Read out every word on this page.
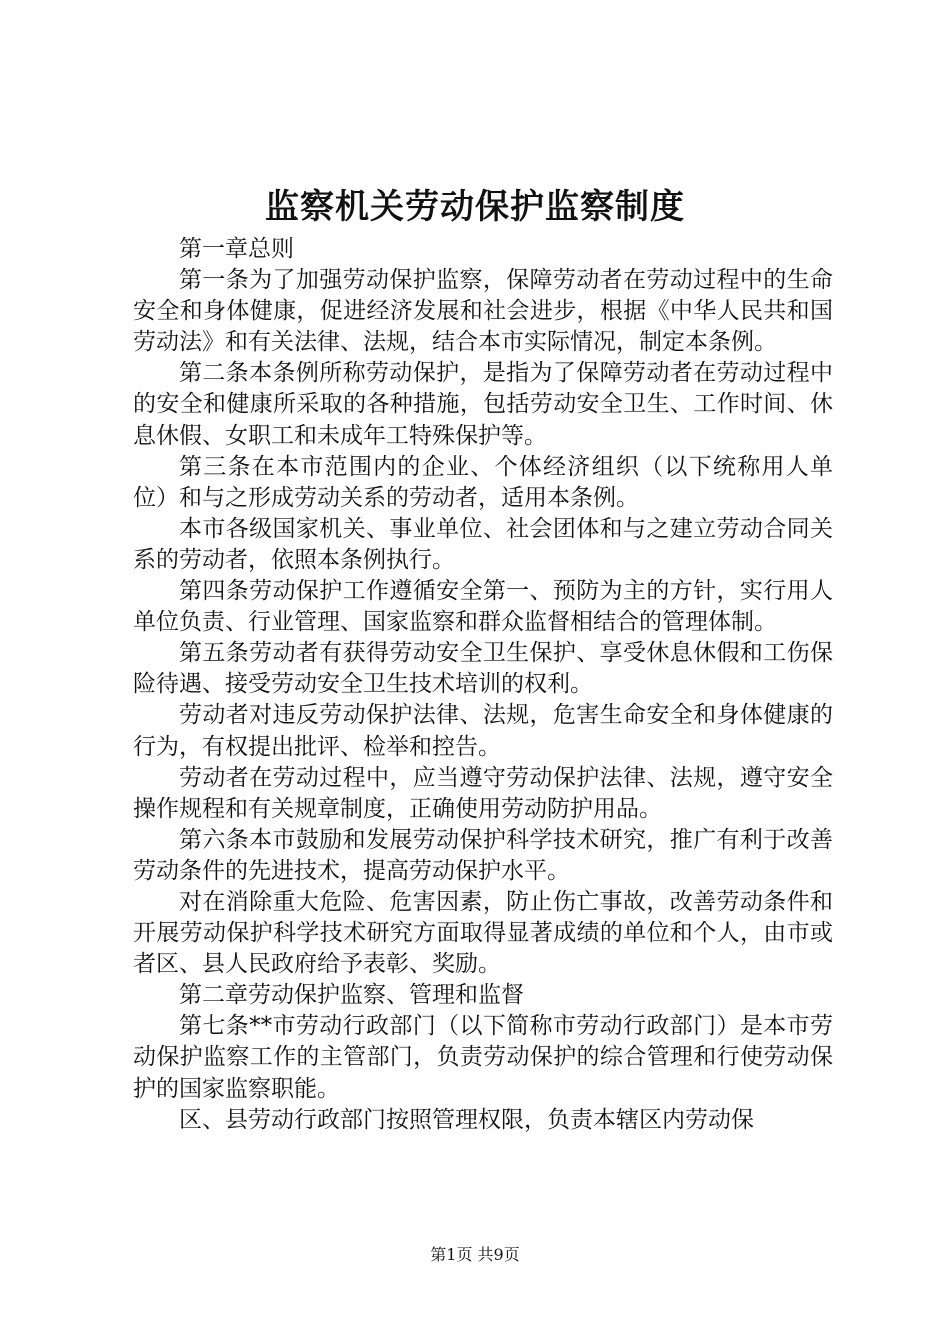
监察机关劳动保护监察制度

第一章总则

第一条为了加强劳动保护监察，保障劳动者在劳动过程中的生命安全和身体健康，促进经济发展和社会进步，根据《中华人民共和国劳动法》和有关法律、法规，结合本市实际情况，制定本条例。

第二条本条例所称劳动保护，是指为了保障劳动者在劳动过程中的安全和健康所采取的各种措施，包括劳动安全卫生、工作时间、休息休假、女职工和未成年工特殊保护等。

第三条在本市范围内的企业、个体经济组织（以下统称用人单位）和与之形成劳动关系的劳动者，适用本条例。

本市各级国家机关、事业单位、社会团体和与之建立劳动合同关系的劳动者，依照本条例执行。

第四条劳动保护工作遵循安全第一、预防为主的方针，实行用人单位负责、行业管理、国家监察和群众监督相结合的管理体制。

第五条劳动者有获得劳动安全卫生保护、享受休息休假和工伤保险待遇、接受劳动安全卫生技术培训的权利。

劳动者对违反劳动保护法律、法规，危害生命安全和身体健康的行为，有权提出批评、检举和控告。

劳动者在劳动过程中，应当遵守劳动保护法律、法规，遵守安全操作规程和有关规章制度，正确使用劳动防护用品。

第六条本市鼓励和发展劳动保护科学技术研究，推广有利于改善劳动条件的先进技术，提高劳动保护水平。

对在消除重大危险、危害因素，防止伤亡事故，改善劳动条件和开展劳动保护科学技术研究方面取得显著成绩的单位和个人，由市或者区、县人民政府给予表彰、奖励。

第二章劳动保护监察、管理和监督

第七条**市劳动行政部门（以下简称市劳动行政部门）是本市劳动保护监察工作的主管部门，负责劳动保护的综合管理和行使劳动保护的国家监察职能。

区、县劳动行政部门按照管理权限，负责本辖区内劳动保

第1页 共9页
